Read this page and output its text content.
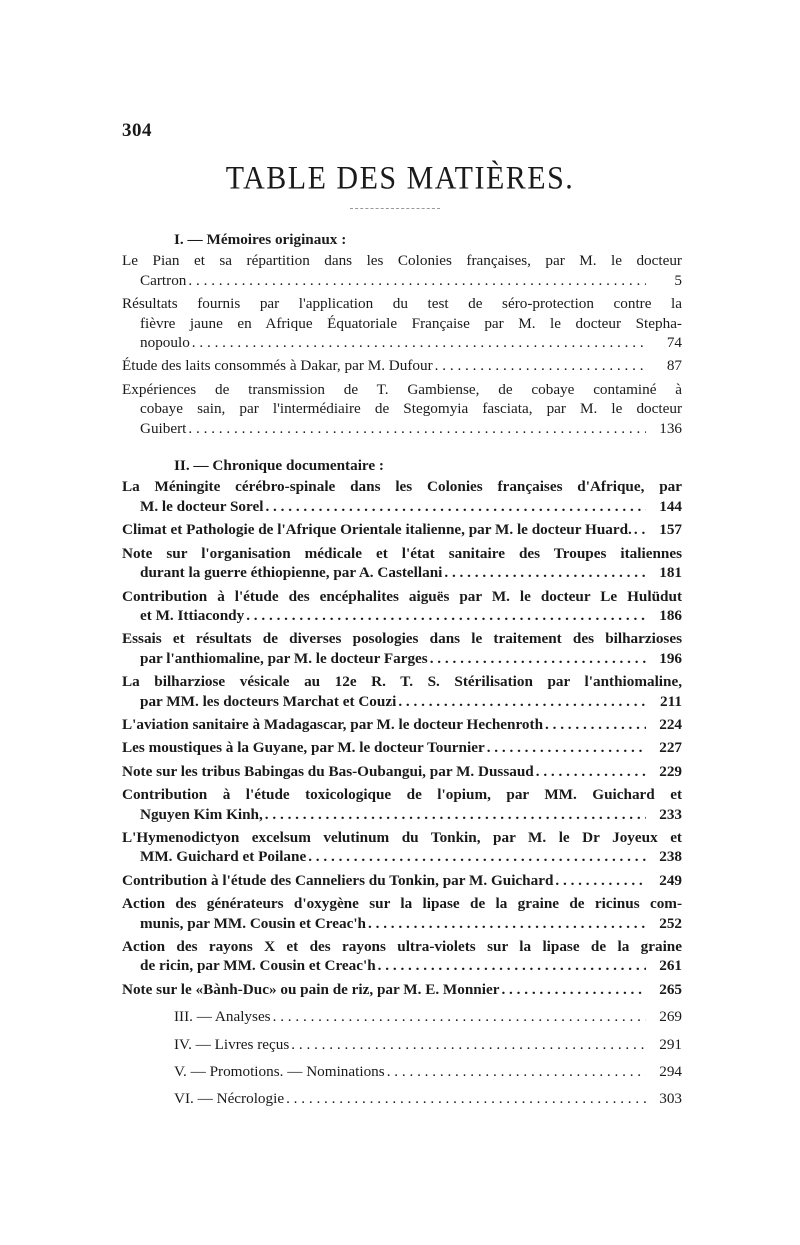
304
TABLE DES MATIÈRES.
I. — Mémoires originaux :
Le Pian et sa répartition dans les Colonies françaises, par M. le docteur
Cartron . . .	5
Résultats fournis par l'application du test de séro-protection contre la
fièvre jaune en Afrique Équatoriale Française par M. le docteur Stepha-
nopoulo . . .	74
Étude des laits consommés à Dakar, par M. Dufour . . .	87
Expériences de transmission de T. Gambiense, de cobaye contaminé à
cobaye sain, par l'intermédiaire de Stegomyia fasciata, par M. le docteur
Guibert . . .	136
II. — Chronique documentaire :
La Méningite cérébro-spinale dans les Colonies françaises d'Afrique, par
M. le docteur Sorel . . .	144
Climat et Pathologie de l'Afrique Orientale italienne, par M. le docteur Huard. . . .	157
Note sur l'organisation médicale et l'état sanitaire des Troupes italiennes
durant la guerre éthiopienne, par A. Castellani . . .	181
Contribution à l'étude des encéphalites aiguës par M. le docteur Le Hulüdut
et M. Ittiacondy . . .	186
Essais et résultats de diverses posologies dans le traitement des bilharzioses
par l'anthiomaline, par M. le docteur Farges . . .	196
La bilharziose vésicale au 12e R. T. S. Stérilisation par l'anthiomaline,
par MM. les docteurs Marchat et Couzi . . .	211
L'aviation sanitaire à Madagascar, par M. le docteur Hechenroth . . .	224
Les moustiques à la Guyane, par M. le docteur Tournier . . .	227
Note sur les tribus Babingas du Bas-Oubangui, par M. Dussaud . . .	229
Contribution à l'étude toxicologique de l'opium, par MM. Guichard et
Nguyen Kim Kinh, . . .	233
L'Hymenodictyon excelsum velutinum du Tonkin, par M. le Dr Joyeux et
MM. Guichard et Poilane . . .	238
Contribution à l'étude des Canneliers du Tonkin, par M. Guichard . . .	249
Action des générateurs d'oxygène sur la lipase de la graine de ricinus com-
munis, par MM. Cousin et Creac'h . . .	252
Action des rayons X et des rayons ultra-violets sur la lipase de la graine
de ricin, par MM. Cousin et Creac'h . . .	261
Note sur le «Bành-Duc» ou pain de riz, par M. E. Monnier . . .	265
III. — Analyses . . .	269
IV. — Livres reçus . . .	291
V. — Promotions. — Nominations . . .	294
VI. — Nécrologie . . .	303
